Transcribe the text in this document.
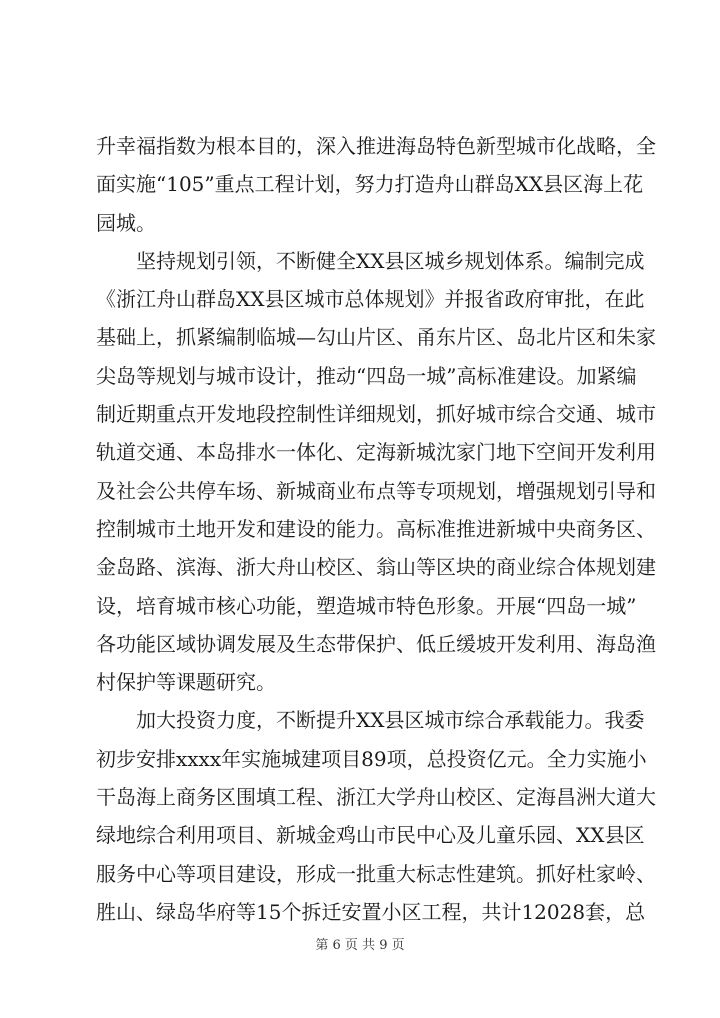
升 幸 福 指 数 为 根 本 目 的 ， 深 入 推 进 海 岛 特 色 新 型 城 市 化 战 略 ， 全
面 实 施 “ 105 ” 重 点 工 程 计 划 ， 努 力 打 造 舟 山 群 岛 XX 县 区 海 上 花
园城。
坚 持 规 划 引 领 ， 不 断 健 全 XX 县 区 城 乡 规 划 体 系 。 编 制 完 成
《 浙 江 舟 山 群 岛 XX 县 区 城 市 总 体 规 划 》 并 报 省 政 府 审 批 ， 在 此
基 础 上 ， 抓 紧 编 制 临 城 — 勾 山 片 区 、 甬 东 片 区 、 岛 北 片 区 和 朱 家
尖 岛 等 规 划 与 城 市 设 计 ， 推 动 “ 四 岛 一 城 ” 高 标 准 建 设 。 加 紧 编
制 近 期 重 点 开 发 地 段 控 制 性 详 细 规 划 ， 抓 好 城 市 综 合 交 通 、 城 市
轨 道 交 通 、 本 岛 排 水 一 体 化 、 定 海 新 城 沈 家 门 地 下 空 间 开 发 利 用
及 社 会 公 共 停 车 场 、 新 城 商 业 布 点 等 专 项 规 划 ， 增 强 规 划 引 导 和
控 制 城 市 土 地 开 发 和 建 设 的 能 力 。 高 标 准 推 进 新 城 中 央 商 务 区 、
金 岛 路 、 滨 海 、 浙 大 舟 山 校 区 、 翁 山 等 区 块 的 商 业 综 合 体 规 划 建
设 ， 培 育 城 市 核 心 功 能 ， 塑 造 城 市 特 色 形 象 。 开 展 “ 四 岛 一 城 ”
各 功 能 区 域 协 调 发 展 及 生 态 带 保 护 、 低 丘 缓 坡 开 发 利 用 、 海 岛 渔
村保护等课题研究。
加 大 投 资 力 度 ， 不 断 提 升 XX 县 区 城 市 综 合 承 载 能 力 。 我 委
初 步 安 排 xxxx 年 实 施 城 建 项 目 89 项 ， 总 投 资 亿 元 。 全 力 实 施 小
干 岛 海 上 商 务 区 围 填 工 程 、 浙 江 大 学 舟 山 校 区 、 定 海 昌 洲 大 道 大
绿 地 综 合 利 用 项 目 、 新 城 金 鸡 山 市 民 中 心 及 儿 童 乐 园 、 XX 县 区
服 务 中 心 等 项 目 建 设 ， 形 成 一 批 重 大 标 志 性 建 筑 。 抓 好 杜 家 岭 、
胜 山 、 绿 岛 华 府 等 15 个 拆 迁 安 置 小 区 工 程 ， 共 计 12028 套 ， 总
第 6 页 共 9 页
